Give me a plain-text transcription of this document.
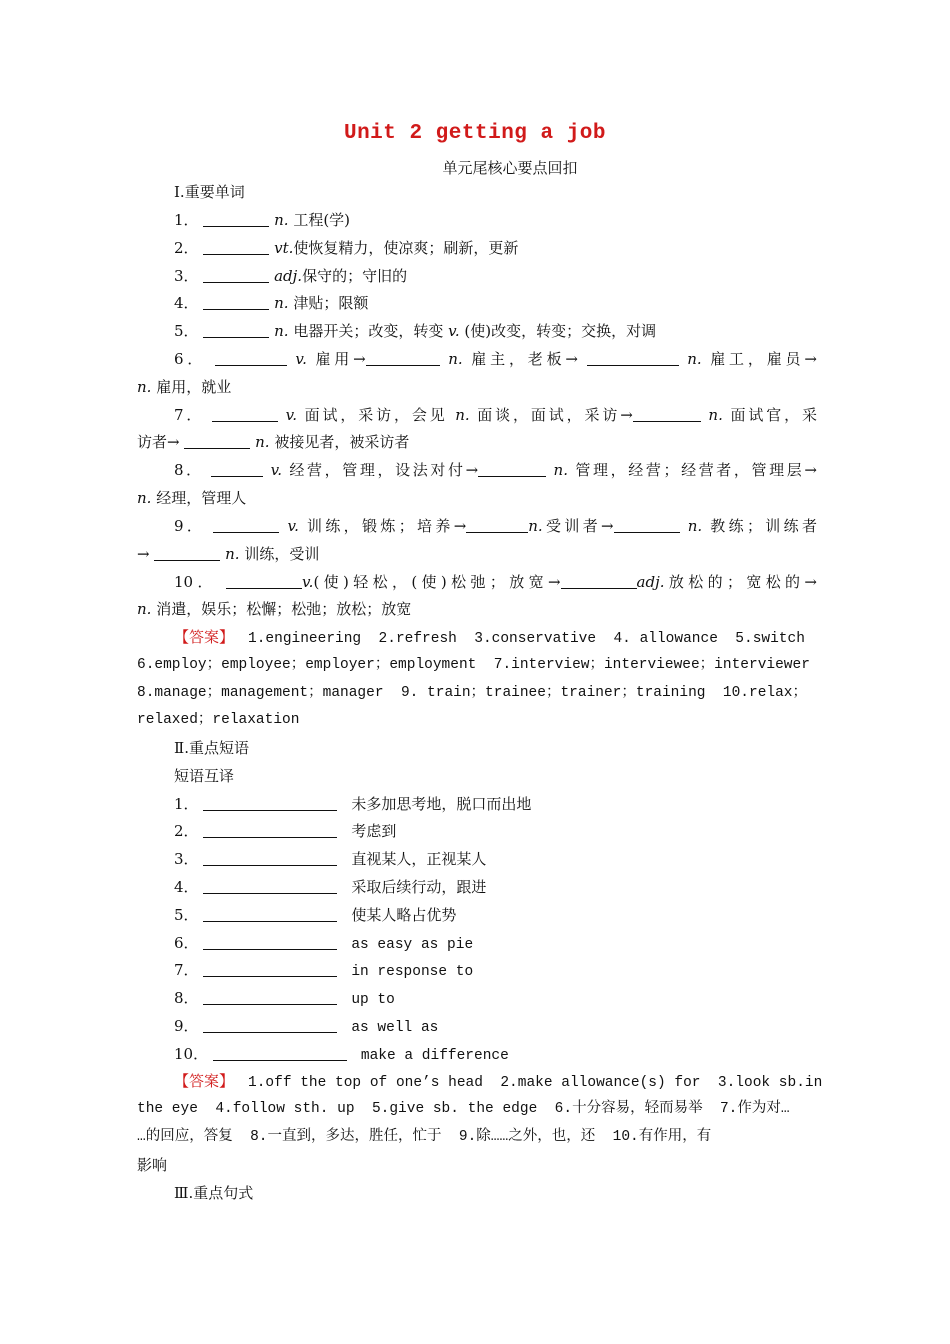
Unit 2 getting a job
单元尾核心要点回扣
Ⅰ.重要单词
1．	n. 工程(学)
2．	vt.使恢复精力，使凉爽；刷新，更新
3．	adj.保守的；守旧的
4．	n. 津贴；限额
5．	n. 电器开关；改变，转变 v. (使)改变，转变；交换，对调
6．	v. 雇用→	n. 雇主，老板→	n. 雇工，雇员→
n. 雇用，就业
7．	v. 面试，采访，会见 n. 面谈，面试，采访→	n. 面试官，采
访者→	n. 被接见者，被采访者
8．	v. 经营，管理，设法对付→	n. 管理，经营；经营者，管理层→
n. 经理，管理人
9．	v. 训练，锻炼；培养→	n.受训者→	n. 教练；训练者
→	n. 训练，受训
10．	v.(使)轻松，(使)松弛；放宽→	adj.放松的；宽松的→
n. 消遣，娱乐；松懈；松弛；放松；放宽
【答案】 1.engineering  2.refresh  3.conservative  4. allowance  5.switch
6.employ；employee；employer；employment  7.interview；interviewee；interviewer
8.manage；management；manager  9. train；trainee；trainer；training  10.relax；
relaxed；relaxation
Ⅱ.重点短语
短语互译
1．	未多加思考地，脱口而出地
2．	考虑到
3．	直视某人，正视某人
4．	采取后续行动，跟进
5．	使某人略占优势
6．	as easy as pie
7．	in response to
8．	up to
9．	as well as
10．	make a difference
【答案】 1.off the top of one’s head  2.make allowance(s) for  3.look sb.in
the eye  4.follow sth. up  5.give sb. the edge  6.十分容易，轻而易举  7.作为对…
…的回应，答复  8.一直到，多达，胜任，忙于  9.除……之外，也，还  10.有作用，有
影响
Ⅲ.重点句式
